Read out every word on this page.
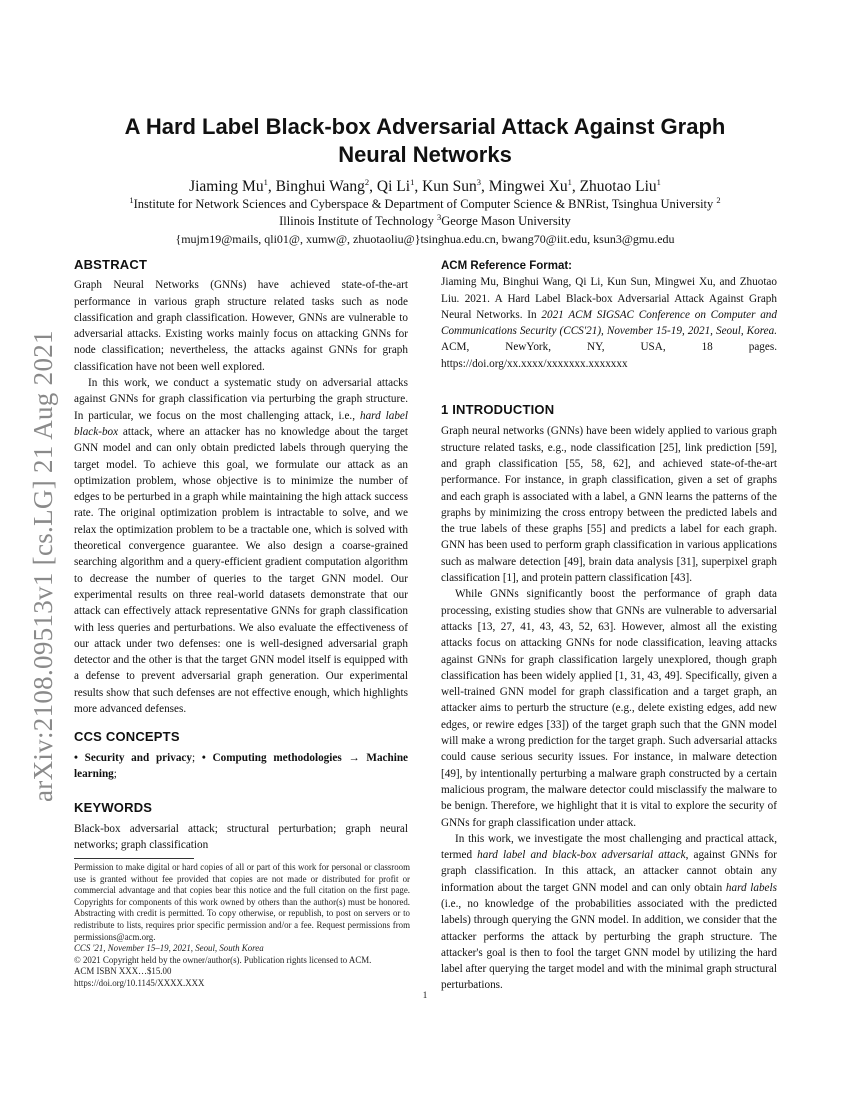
arXiv:2108.09513v1 [cs.LG] 21 Aug 2021
A Hard Label Black-box Adversarial Attack Against Graph
Neural Networks
Jiaming Mu$^1$, Binghui Wang$^2$, Qi Li$^1$, Kun Sun$^3$, Mingwei Xu$^1$, Zhuotao Liu$^1$
$^1$Institute for Network Sciences and Cyberspace & Department of Computer Science & BNRist, Tsinghua University $^2$
Illinois Institute of Technology $^3$George Mason University
{mujm19@mails, qli01@, xumw@, zhuotaoliu@}tsinghua.edu.cn, bwang70@iit.edu, ksun3@gmu.edu
ABSTRACT

Graph Neural Networks (GNNs) have achieved state-of-the-art performance in various graph structure related tasks such as node classification and graph classification. However, GNNs are vulnerable to adversarial attacks. Existing works mainly focus on attacking GNNs for node classification; nevertheless, the attacks against GNNs for graph classification have not been well explored.

In this work, we conduct a systematic study on adversarial attacks against GNNs for graph classification via perturbing the graph structure. In particular, we focus on the most challenging attack, i.e., hard label black-box attack, where an attacker has no knowledge about the target GNN model and can only obtain predicted labels through querying the target model. To achieve this goal, we formulate our attack as an optimization problem, whose objective is to minimize the number of edges to be perturbed in a graph while maintaining the high attack success rate. The original optimization problem is intractable to solve, and we relax the optimization problem to be a tractable one, which is solved with theoretical convergence guarantee. We also design a coarse-grained searching algorithm and a query-efficient gradient computation algorithm to decrease the number of queries to the target GNN model. Our experimental results on three real-world datasets demonstrate that our attack can effectively attack representative GNNs for graph classification with less queries and perturbations. We also evaluate the effectiveness of our attack under two defenses: one is well-designed adversarial graph detector and the other is that the target GNN model itself is equipped with a defense to prevent adversarial graph generation. Our experimental results show that such defenses are not effective enough, which highlights more advanced defenses.

CCS CONCEPTS

• Security and privacy; • Computing methodologies → Machine learning;

KEYWORDS

Black-box adversarial attack; structural perturbation; graph neural networks; graph classification

Permission to make digital or hard copies of all or part of this work for personal or classroom use is granted without fee provided that copies are not made or distributed for profit or commercial advantage and that copies bear this notice and the full citation on the first page. Copyrights for components of this work owned by others than the author(s) must be honored. Abstracting with credit is permitted. To copy otherwise, or republish, to post on servers or to redistribute to lists, requires prior specific permission and/or a fee. Request permissions from permissions@acm.org.
CCS '21, November 15–19, 2021, Seoul, South Korea
© 2021 Copyright held by the owner/author(s). Publication rights licensed to ACM.
ACM ISBN XXX…$15.00
https://doi.org/10.1145/XXXX.XXX
ACM Reference Format:

Jiaming Mu, Binghui Wang, Qi Li, Kun Sun, Mingwei Xu, and Zhuotao Liu. 2021. A Hard Label Black-box Adversarial Attack Against Graph Neural Networks. In 2021 ACM SIGSAC Conference on Computer and Communications Security (CCS'21), November 15-19, 2021, Seoul, Korea. ACM, NewYork, NY, USA, 18 pages. https://doi.org/xx.xxxx/xxxxxxx.xxxxxxx

1 INTRODUCTION

Graph neural networks (GNNs) have been widely applied to various graph structure related tasks, e.g., node classification [25], link prediction [59], and graph classification [55, 58, 62], and achieved state-of-the-art performance. For instance, in graph classification, given a set of graphs and each graph is associated with a label, a GNN learns the patterns of the graphs by minimizing the cross entropy between the predicted labels and the true labels of these graphs [55] and predicts a label for each graph. GNN has been used to perform graph classification in various applications such as malware detection [49], brain data analysis [31], superpixel graph classification [1], and protein pattern classification [43].

While GNNs significantly boost the performance of graph data processing, existing studies show that GNNs are vulnerable to adversarial attacks [13, 27, 41, 43, 43, 52, 63]. However, almost all the existing attacks focus on attacking GNNs for node classification, leaving attacks against GNNs for graph classification largely unexplored, though graph classification has been widely applied [1, 31, 43, 49]. Specifically, given a well-trained GNN model for graph classification and a target graph, an attacker aims to perturb the structure (e.g., delete existing edges, add new edges, or rewire edges [33]) of the target graph such that the GNN model will make a wrong prediction for the target graph. Such adversarial attacks could cause serious security issues. For instance, in malware detection [49], by intentionally perturbing a malware graph constructed by a certain malicious program, the malware detector could misclassify the malware to be benign. Therefore, we highlight that it is vital to explore the security of GNNs for graph classification under attack.

In this work, we investigate the most challenging and practical attack, termed hard label and black-box adversarial attack, against GNNs for graph classification. In this attack, an attacker cannot obtain any information about the target GNN model and can only obtain hard labels (i.e., no knowledge of the probabilities associated with the predicted labels) through querying the GNN model. In addition, we consider that the attacker performs the attack by perturbing the graph structure. The attacker's goal is then to fool the target GNN model by utilizing the hard label after querying the target model and with the minimal graph structural perturbations.

1
